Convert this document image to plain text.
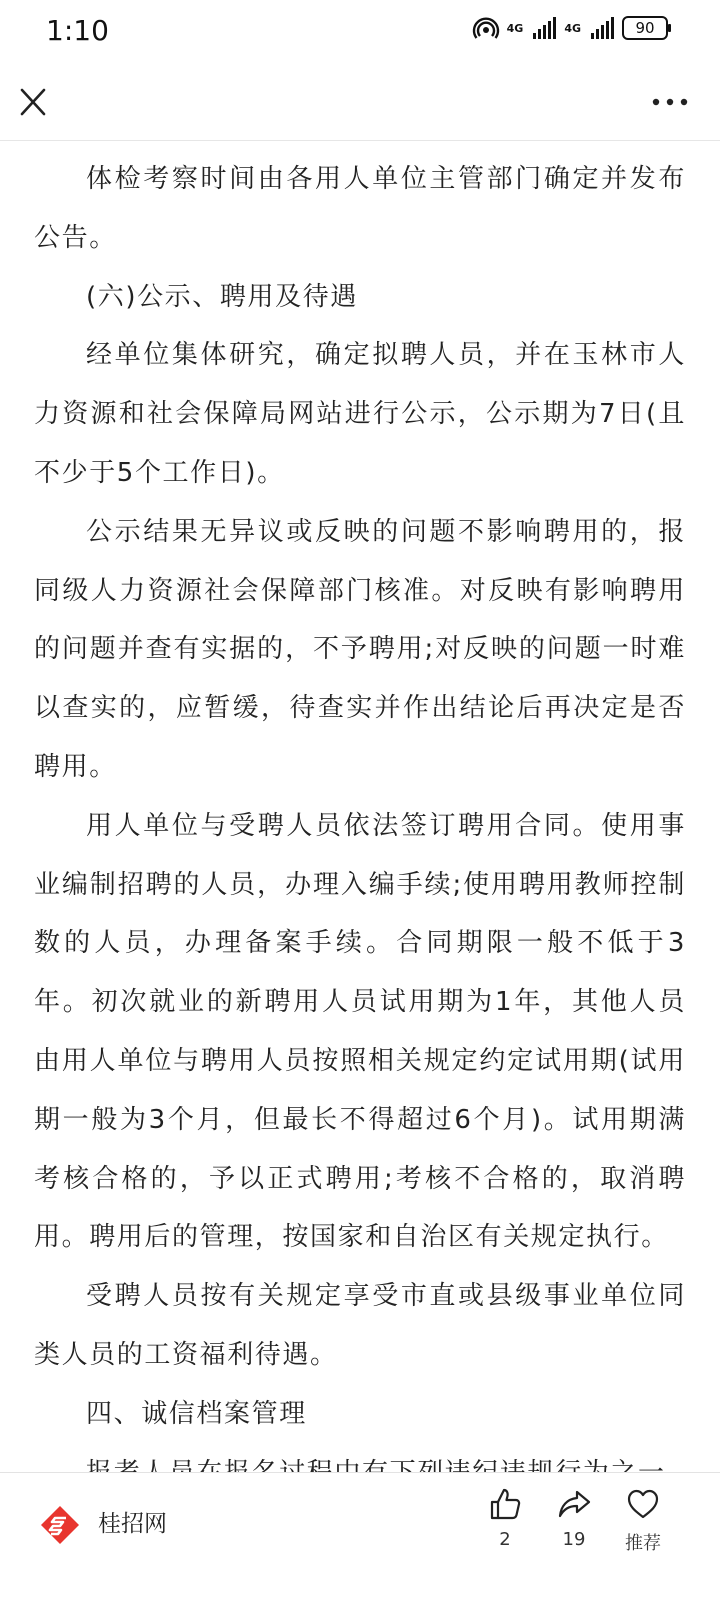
1:10	4G	4G	90

体检考察时间由各用人单位主管部门确定并发布公告。

(六)公示、聘用及待遇

经单位集体研究，确定拟聘人员，并在玉林市人力资源和社会保障局网站进行公示，公示期为7日(且不少于5个工作日)。

公示结果无异议或反映的问题不影响聘用的，报同级人力资源社会保障部门核准。对反映有影响聘用的问题并查有实据的，不予聘用;对反映的问题一时难以查实的，应暂缓，待查实并作出结论后再决定是否聘用。

用人单位与受聘人员依法签订聘用合同。使用事业编制招聘的人员，办理入编手续;使用聘用教师控制数的人员，办理备案手续。合同期限一般不低于3年。初次就业的新聘用人员试用期为1年，其他人员由用人单位与聘用人员按照相关规定约定试用期(试用期一般为3个月，但最长不得超过6个月)。试用期满考核合格的，予以正式聘用;考核不合格的，取消聘用。聘用后的管理，按国家和自治区有关规定执行。

受聘人员按有关规定享受市直或县级事业单位同类人员的工资福利待遇。

四、诚信档案管理

桂招网
2	19	推荐
